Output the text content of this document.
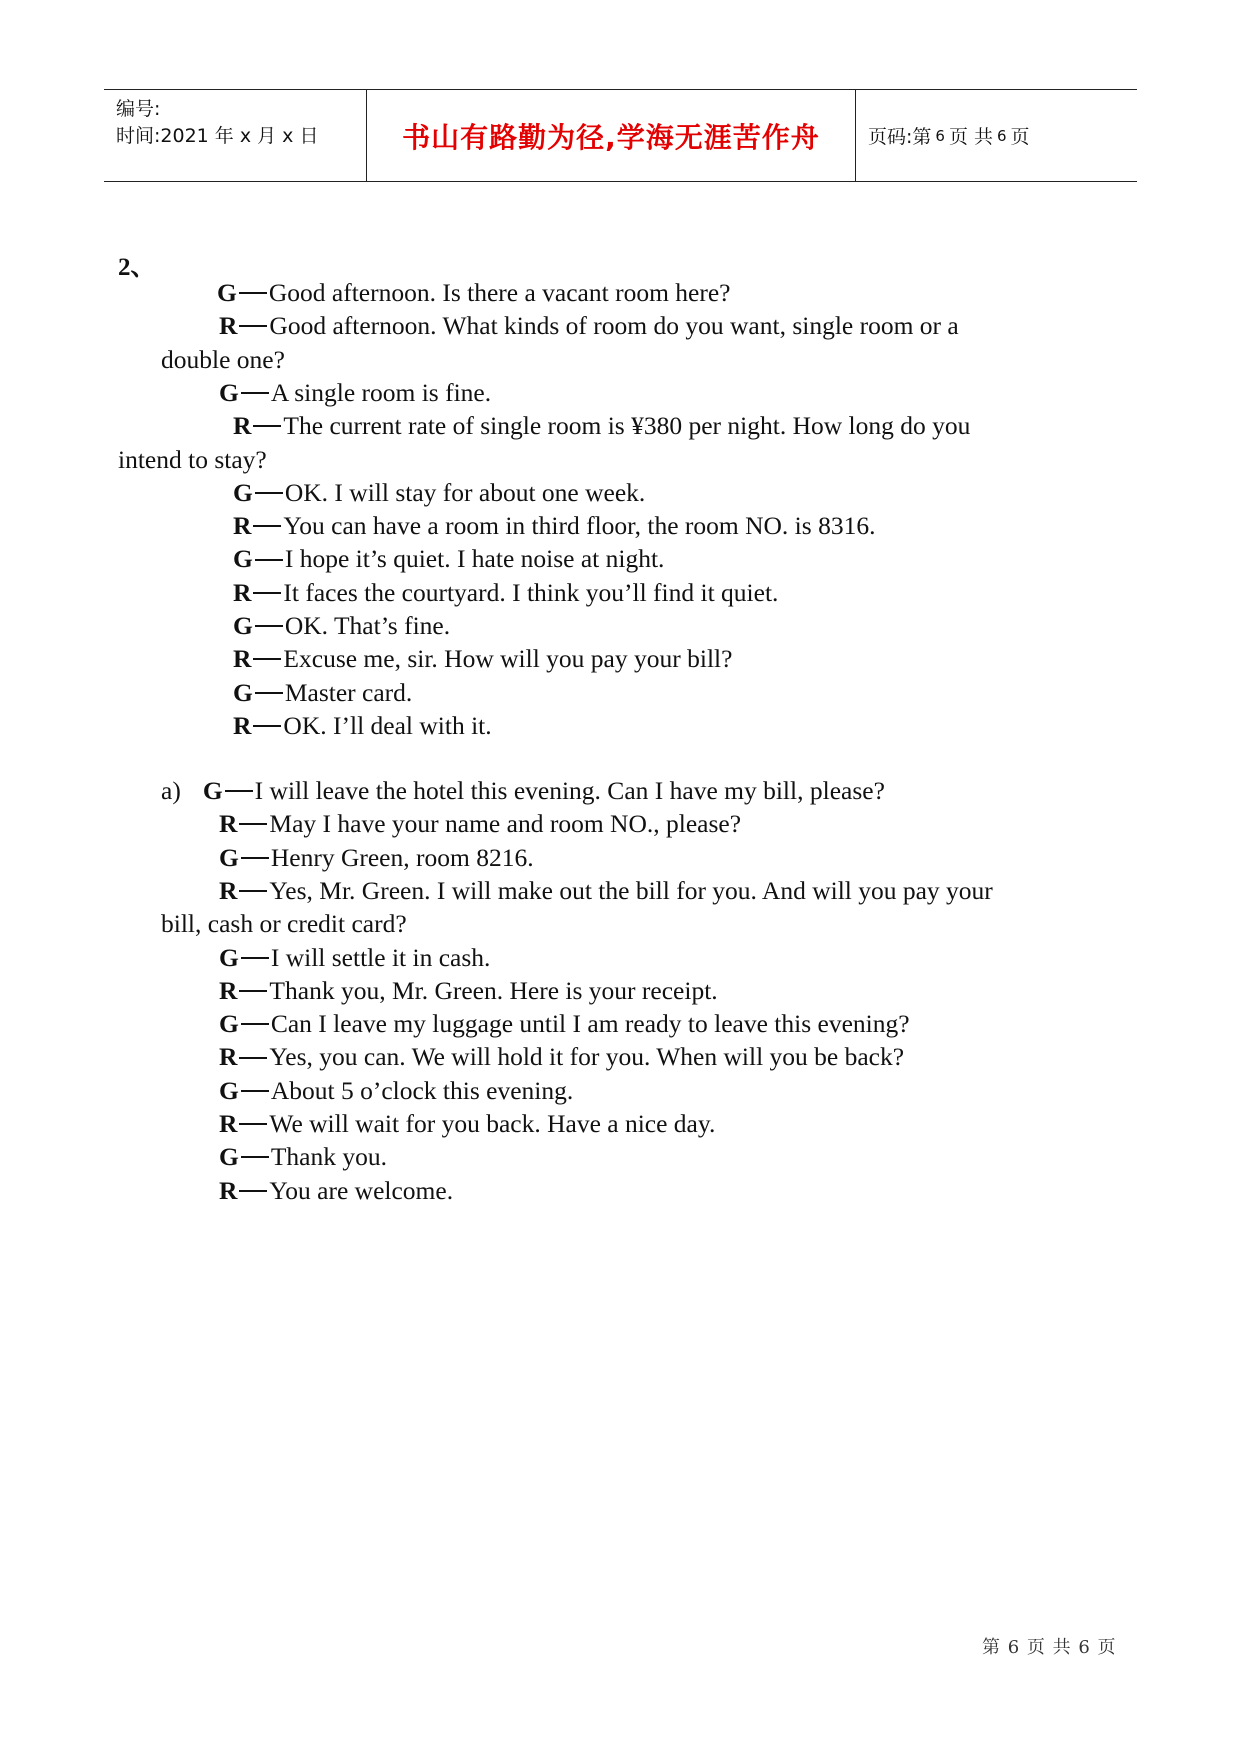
编号:
时间:2021 年 x 月 x 日	书山有路勤为径,学海无涯苦作舟	页码:第 6 页 共 6 页
2、
G Good afternoon. Is there a vacant room here?
R Good afternoon. What kinds of room do you want, single room or a
double one?
G A single room is fine.
R The current rate of single room is ¥380 per night. How long do you
intend to stay?
G OK. I will stay for about one week.
R You can have a room in third floor, the room NO. is 8316.
G I hope it’s quiet. I hate noise at night.
R It faces the courtyard. I think you’ll find it quiet.
G OK. That’s fine.
R Excuse me, sir. How will you pay your bill?
G Master card.
R OK. I’ll deal with it.
a) G I will leave the hotel this evening. Can I have my bill, please?
R May I have your name and room NO., please?
G Henry Green, room 8216.
R Yes, Mr. Green. I will make out the bill for you. And will you pay your
bill, cash or credit card?
G I will settle it in cash.
R Thank you, Mr. Green. Here is your receipt.
G Can I leave my luggage until I am ready to leave this evening?
R Yes, you can. We will hold it for you. When will you be back?
G About 5 o’clock this evening.
R We will wait for you back. Have a nice day.
G Thank you.
R You are welcome.
第 6 页 共 6 页
